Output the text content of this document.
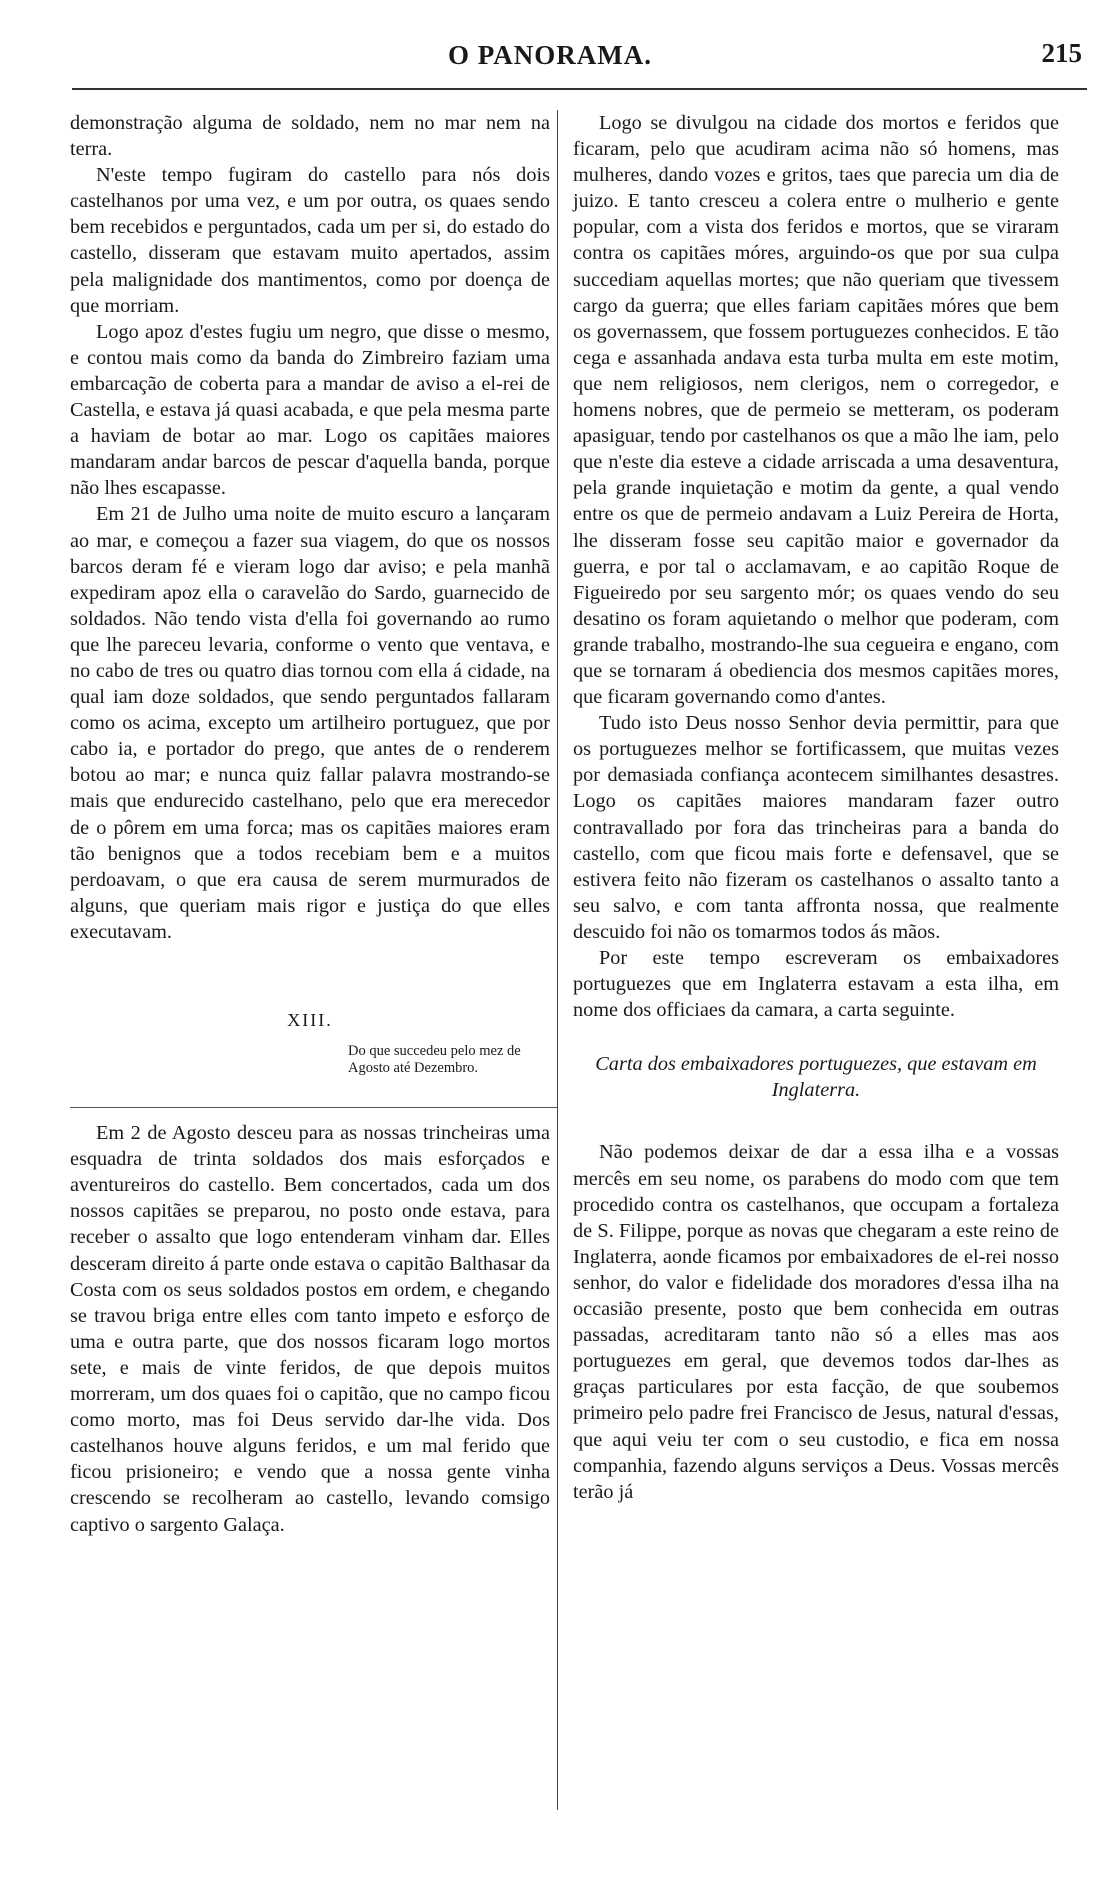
O PANORAMA.	215

demonstração alguma de soldado, nem no mar nem na terra.

N'este tempo fugiram do castello para nós dois castelhanos por uma vez, e um por outra, os quaes sendo bem recebidos e perguntados, cada um per si, do estado do castello, disseram que estavam muito apertados, assim pela malignidade dos mantimentos, como por doença de que morriam.

Logo apoz d'estes fugiu um negro, que disse o mesmo, e contou mais como da banda do Zimbreiro faziam uma embarcação de coberta para a mandar de aviso a el-rei de Castella, e estava já quasi acabada, e que pela mesma parte a haviam de botar ao mar. Logo os capitães maiores mandaram andar barcos de pescar d'aquella banda, porque não lhes escapasse.

Em 21 de Julho uma noite de muito escuro a lançaram ao mar, e começou a fazer sua viagem, do que os nossos barcos deram fé e vieram logo dar aviso; e pela manhã expediram apoz ella o caravelão do Sardo, guarnecido de soldados. Não tendo vista d'ella foi governando ao rumo que lhe pareceu levaria, conforme o vento que ventava, e no cabo de tres ou quatro dias tornou com ella á cidade, na qual iam doze soldados, que sendo perguntados fallaram como os acima, excepto um artilheiro portuguez, que por cabo ia, e portador do prego, que antes de o renderem botou ao mar; e nunca quiz fallar palavra mostrando-se mais que endurecido castelhano, pelo que era merecedor de o pôrem em uma forca; mas os capitães maiores eram tão benignos que a todos recebiam bem e a muitos perdoavam, o que era causa de serem murmurados de alguns, que queriam mais rigor e justiça do que elles executavam.

XIII.
Do que succedeu pelo mez de Agosto até Dezembro.

Em 2 de Agosto desceu para as nossas trincheiras uma esquadra de trinta soldados dos mais esforçados e aventureiros do castello. Bem concertados, cada um dos nossos capitães se preparou, no posto onde estava, para receber o assalto que logo entenderam vinham dar. Elles desceram direito á parte onde estava o capitão Balthasar da Costa com os seus soldados postos em ordem, e chegando se travou briga entre elles com tanto impeto e esforço de uma e outra parte, que dos nossos ficaram logo mortos sete, e mais de vinte feridos, de que depois muitos morreram, um dos quaes foi o capitão, que no campo ficou como morto, mas foi Deus servido dar-lhe vida. Dos castelhanos houve alguns feridos, e um mal ferido que ficou prisioneiro; e vendo que a nossa gente vinha crescendo se recolheram ao castello, levando comsigo captivo o sargento Galaça.

Logo se divulgou na cidade dos mortos e feridos que ficaram, pelo que acudiram acima não só homens, mas mulheres, dando vozes e gritos, taes que parecia um dia de juizo. E tanto cresceu a colera entre o mulherio e gente popular, com a vista dos feridos e mortos, que se viraram contra os capitães móres, arguindo-os que por sua culpa succediam aquellas mortes; que não queriam que tivessem cargo da guerra; que elles fariam capitães móres que bem os governassem, que fossem portuguezes conhecidos. E tão cega e assanhada andava esta turba multa em este motim, que nem religiosos, nem clerigos, nem o corregedor, e homens nobres, que de permeio se metteram, os poderam apasiguar, tendo por castelhanos os que a mão lhe iam, pelo que n'este dia esteve a cidade arriscada a uma desaventura, pela grande inquietação e motim da gente, a qual vendo entre os que de permeio andavam a Luiz Pereira de Horta, lhe disseram fosse seu capitão maior e governador da guerra, e por tal o acclamavam, e ao capitão Roque de Figueiredo por seu sargento mór; os quaes vendo do seu desatino os foram aquietando o melhor que poderam, com grande trabalho, mostrando-lhe sua cegueira e engano, com que se tornaram á obediencia dos mesmos capitães mores, que ficaram governando como d'antes.

Tudo isto Deus nosso Senhor devia permittir, para que os portuguezes melhor se fortificassem, que muitas vezes por demasiada confiança acontecem similhantes desastres. Logo os capitães maiores mandaram fazer outro contravallado por fora das trincheiras para a banda do castello, com que ficou mais forte e defensavel, que se estivera feito não fizeram os castelhanos o assalto tanto a seu salvo, e com tanta affronta nossa, que realmente descuido foi não os tomarmos todos ás mãos.

Por este tempo escreveram os embaixadores portuguezes que em Inglaterra estavam a esta ilha, em nome dos officiaes da camara, a carta seguinte.

Carta dos embaixadores portuguezes, que estavam em Inglaterra.

Não podemos deixar de dar a essa ilha e a vossas mercês em seu nome, os parabens do modo com que tem procedido contra os castelhanos, que occupam a fortaleza de S. Filippe, porque as novas que chegaram a este reino de Inglaterra, aonde ficamos por embaixadores de el-rei nosso senhor, do valor e fidelidade dos moradores d'essa ilha na occasião presente, posto que bem conhecida em outras passadas, acreditaram tanto não só a elles mas aos portuguezes em geral, que devemos todos dar-lhes as graças particulares por esta facção, de que soubemos primeiro pelo padre frei Francisco de Jesus, natural d'essas, que aqui veiu ter com o seu custodio, e fica em nossa companhia, fazendo alguns serviços a Deus. Vossas mercês terão já
